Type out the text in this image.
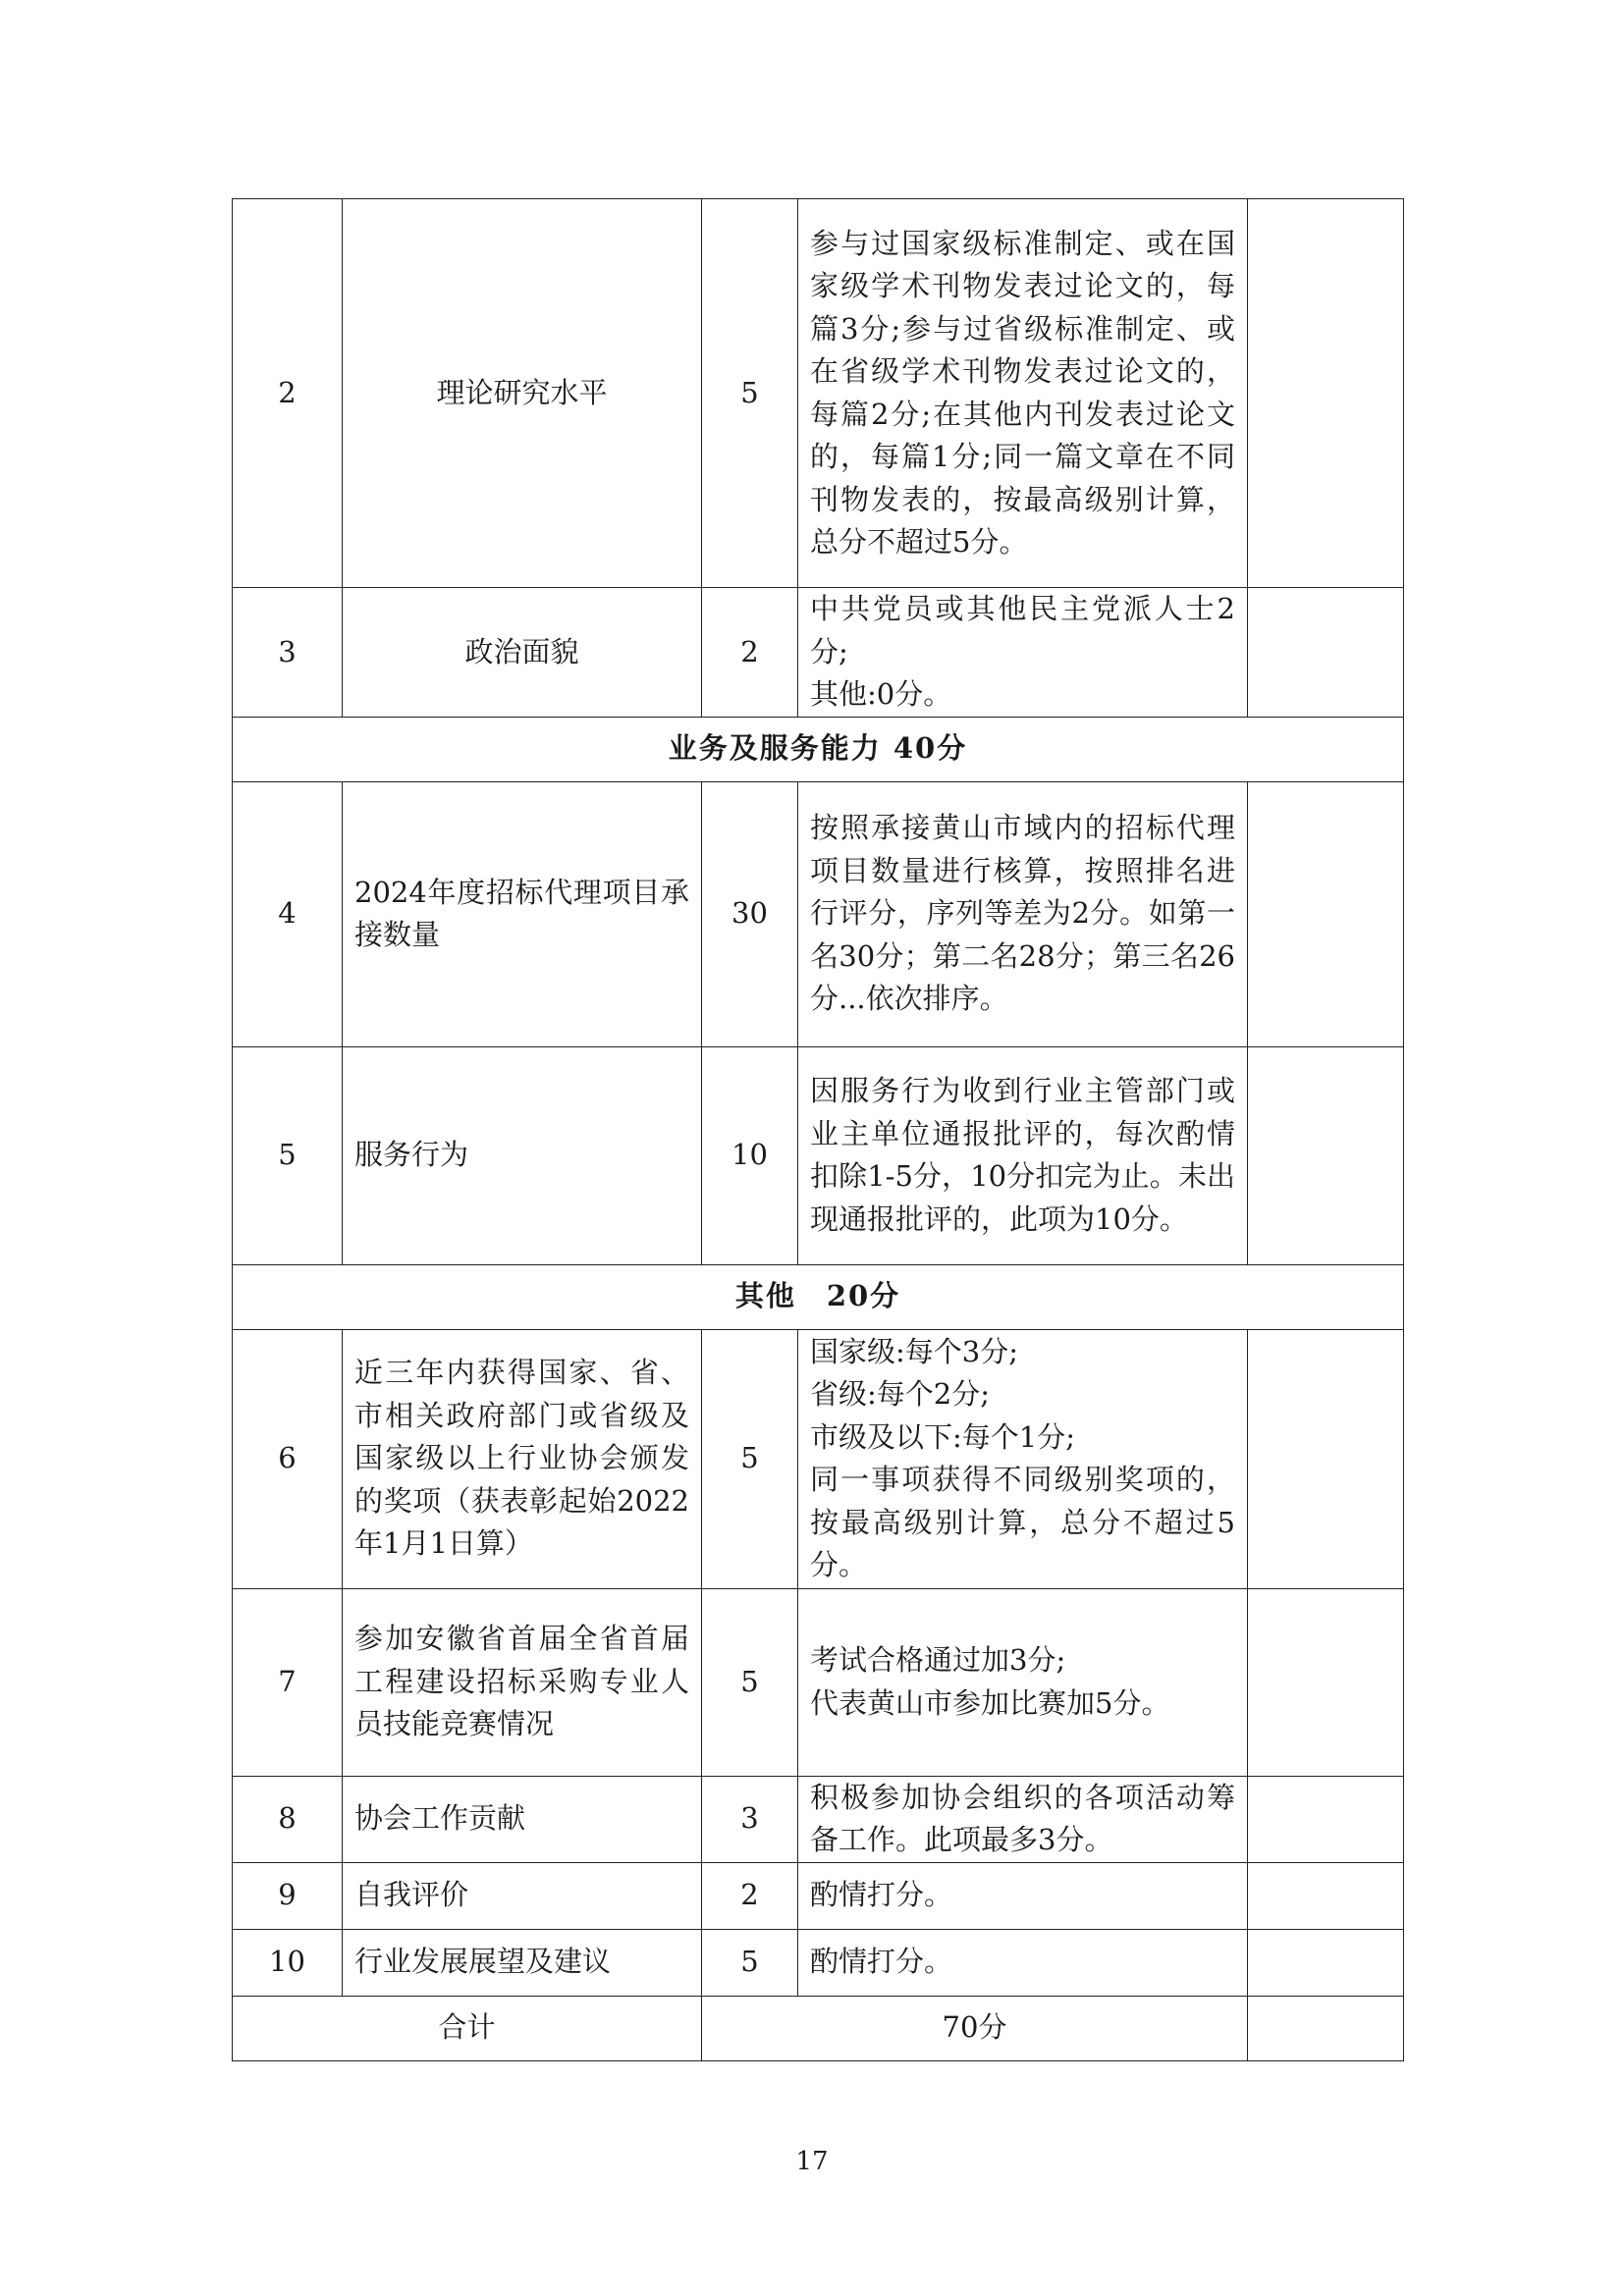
2	理论研究水平	5	参与过国家级标准制定、或在国家级学术刊物发表过论文的，每篇3分;参与过省级标准制定、或在省级学术刊物发表过论文的，每篇2分;在其他内刊发表过论文的，每篇1分;同一篇文章在不同刊物发表的，按最高级别计算，总分不超过5分。	
3	政治面貌	2	中共党员或其他民主党派人士2分;
其他:0分。	

业务及服务能力 40分				
4	2024年度招标代理项目承接数量	30	按照承接黄山市域内的招标代理项目数量进行核算，按照排名进行评分，序列等差为2分。如第一名30分；第二名28分；第三名26分...依次排序。	
5	服务行为	10	因服务行为收到行业主管部门或业主单位通报批评的，每次酌情扣除1-5分，10分扣完为止。未出现通报批评的，此项为10分。	
其他　20分				
6	近三年内获得国家、省、市相关政府部门或省级及国家级以上行业协会颁发的奖项（获表彰起始2022年1月1日算）	5	国家级:每个3分;
省级:每个2分;
市级及以下:每个1分;
同一事项获得不同级别奖项的，按最高级别计算，总分不超过5分。	

7	参加安徽省首届全省首届工程建设招标采购专业人员技能竞赛情况	5	考试合格通过加3分;
代表黄山市参加比赛加5分。	

8	协会工作贡献	3	积极参加协会组织的各项活动筹备工作。此项最多3分。	
9	自我评价	2	酌情打分。	
10	行业发展展望及建议	5	酌情打分。	
合计		70分		
17
